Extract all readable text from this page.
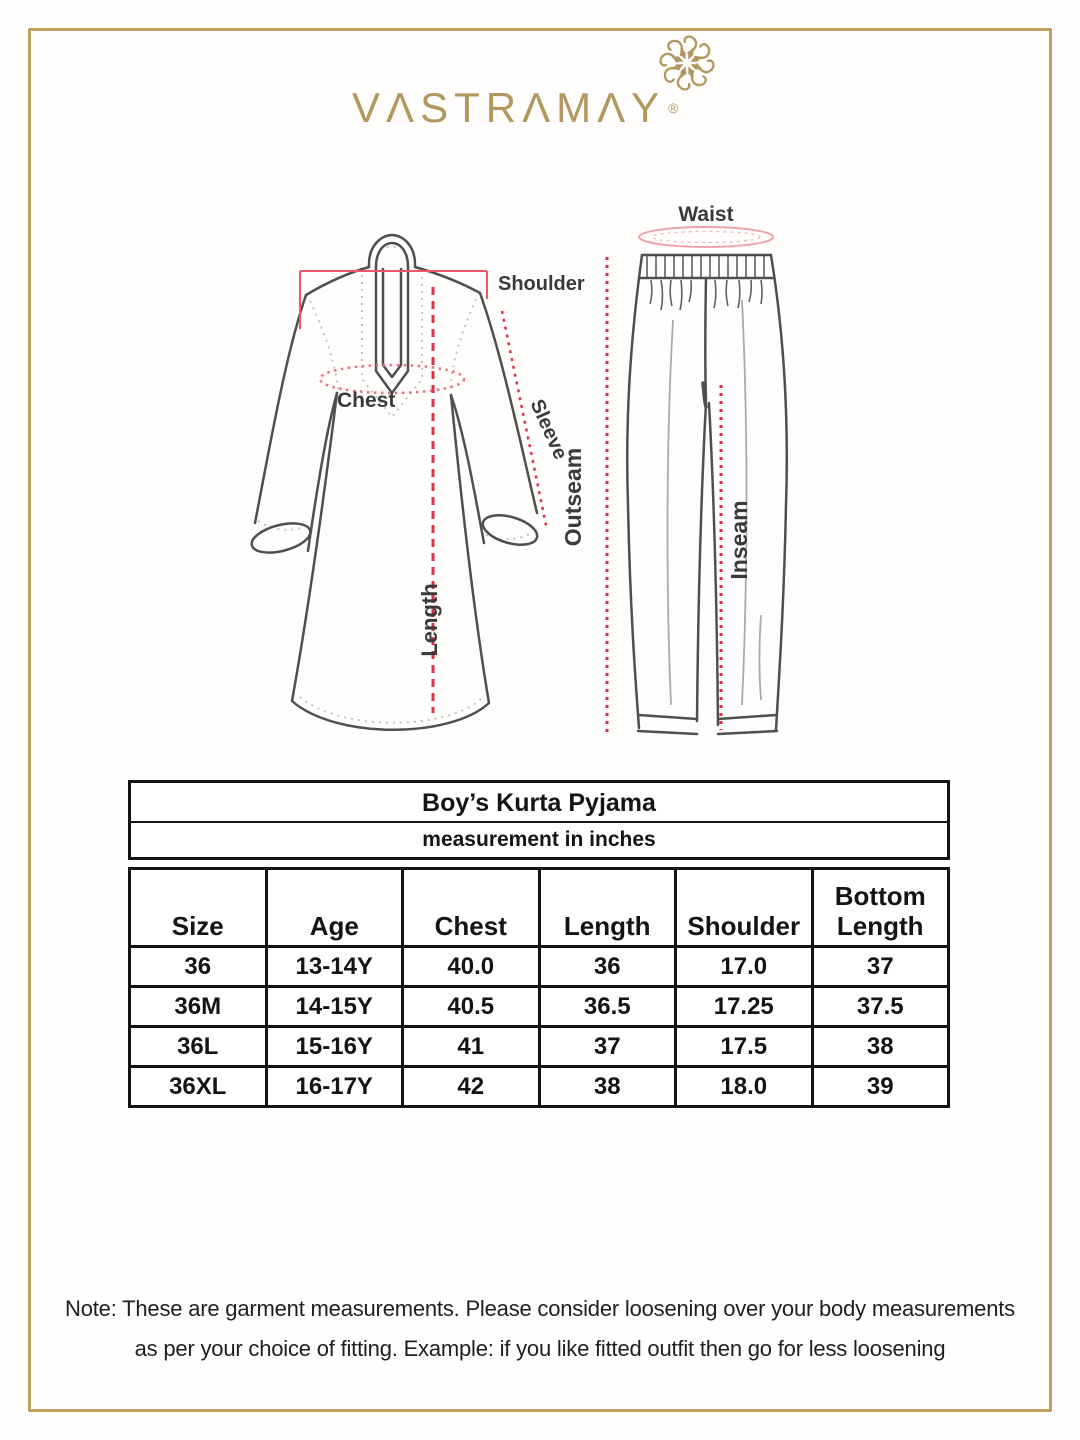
VΛSTRΛMΛY ®
Shoulder
Chest	Sleeve
Length
Waist
Outseam	Inseam
Boy’s Kurta Pyjama
measurement in inches
Size	Age	Chest	Length	Shoulder	Bottom Length
36	13-14Y	40.0	36	17.0	37
36M	14-15Y	40.5	36.5	17.25	37.5
36L	15-16Y	41	37	17.5	38
36XL	16-17Y	42	38	18.0	39
Note: These are garment measurements. Please consider loosening over your body measurements
as per your choice of fitting. Example: if you like fitted outfit then go for less loosening
